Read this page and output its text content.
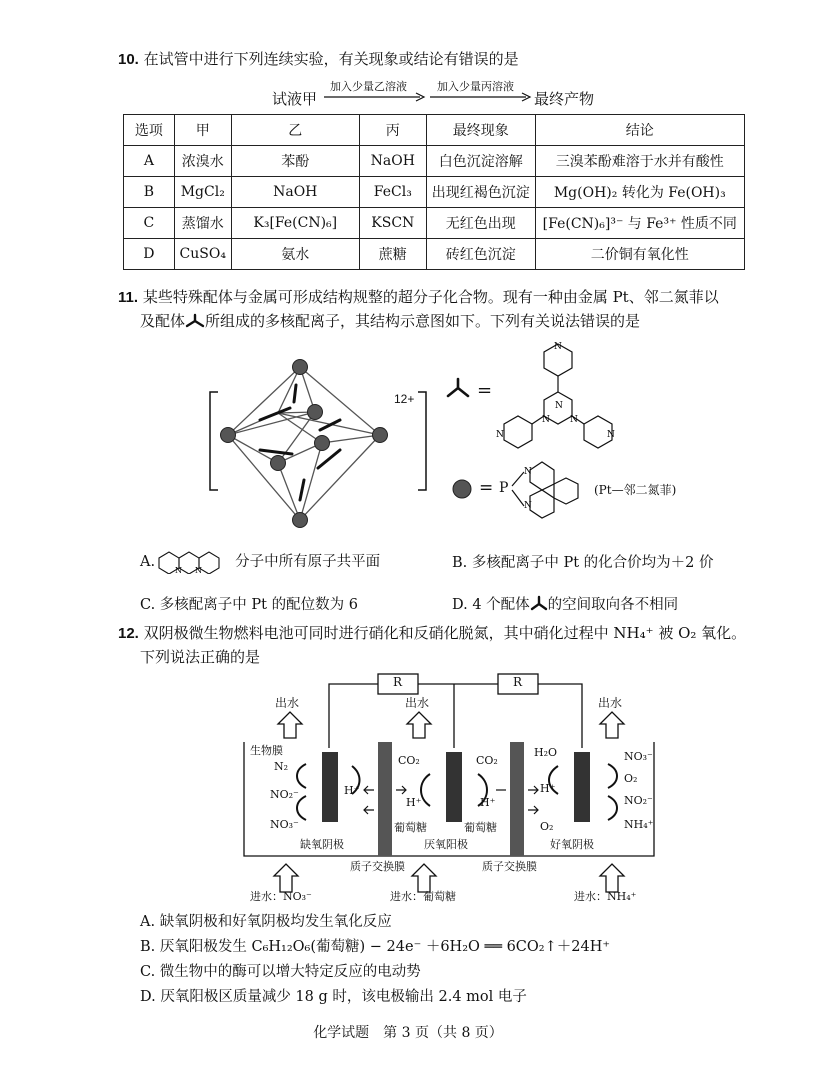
10. 在试管中进行下列连续实验，有关现象或结论有错误的是
试液甲
加入少量乙溶液	加入少量丙溶液
最终产物
选项	甲	乙	丙	最终现象	结论
A	浓溴水	苯酚	NaOH	白色沉淀溶解	三溴苯酚难溶于水并有酸性
B	MgCl₂	NaOH	FeCl₃	出现红褐色沉淀	Mg(OH)₂ 转化为 Fe(OH)₃
C	蒸馏水	K₃[Fe(CN)₆]	KSCN	无红色出现	[Fe(CN)₆]³⁻ 与 Fe³⁺ 性质不同
D	CuSO₄	氨水	蔗糖	砖红色沉淀	二价铜有氧化性
11. 某些特殊配体与金属可形成结构规整的超分子化合物。现有一种由金属 Pt、邻二氮菲以
及配体 所组成的多核配离子，其结构示意图如下。下列有关说法错误的是
12+	=
N
N
N N
N
N
= P
N
N
(Pt—邻二氮菲)
A.
N N
分子中所有原子共平面	B. 多核配离子中 Pt 的化合价均为＋2 价
C. 多核配离子中 Pt 的配位数为 6	D. 4 个配体 的空间取向各不相同
12. 双阴极微生物燃料电池可同时进行硝化和反硝化脱氮，其中硝化过程中 NH₄⁺ 被 O₂ 氧化。
下列说法正确的是
R	R
出水	出水	出水
生物膜
N₂
NO₂⁻
NO₃⁻
H⁺
CO₂	CO₂
H⁺	H⁺
葡萄糖	葡萄糖
H₂O
H⁺
O₂
NO₃⁻
O₂
NO₂⁻
NH₄⁺
缺氧阴极	厌氧阳极	好氧阴极
质子交换膜	质子交换膜
进水：NO₃⁻	进水：葡萄糖	进水：NH₄⁺
A. 缺氧阴极和好氧阴极均发生氧化反应
B. 厌氧阳极发生 C₆H₁₂O₆(葡萄糖) − 24e⁻ ＋6H₂O ══ 6CO₂↑＋24H⁺
C. 微生物中的酶可以增大特定反应的电动势
D. 厌氧阳极区质量减少 18 g 时，该电极输出 2.4 mol 电子
化学试题　第 3 页（共 8 页）
